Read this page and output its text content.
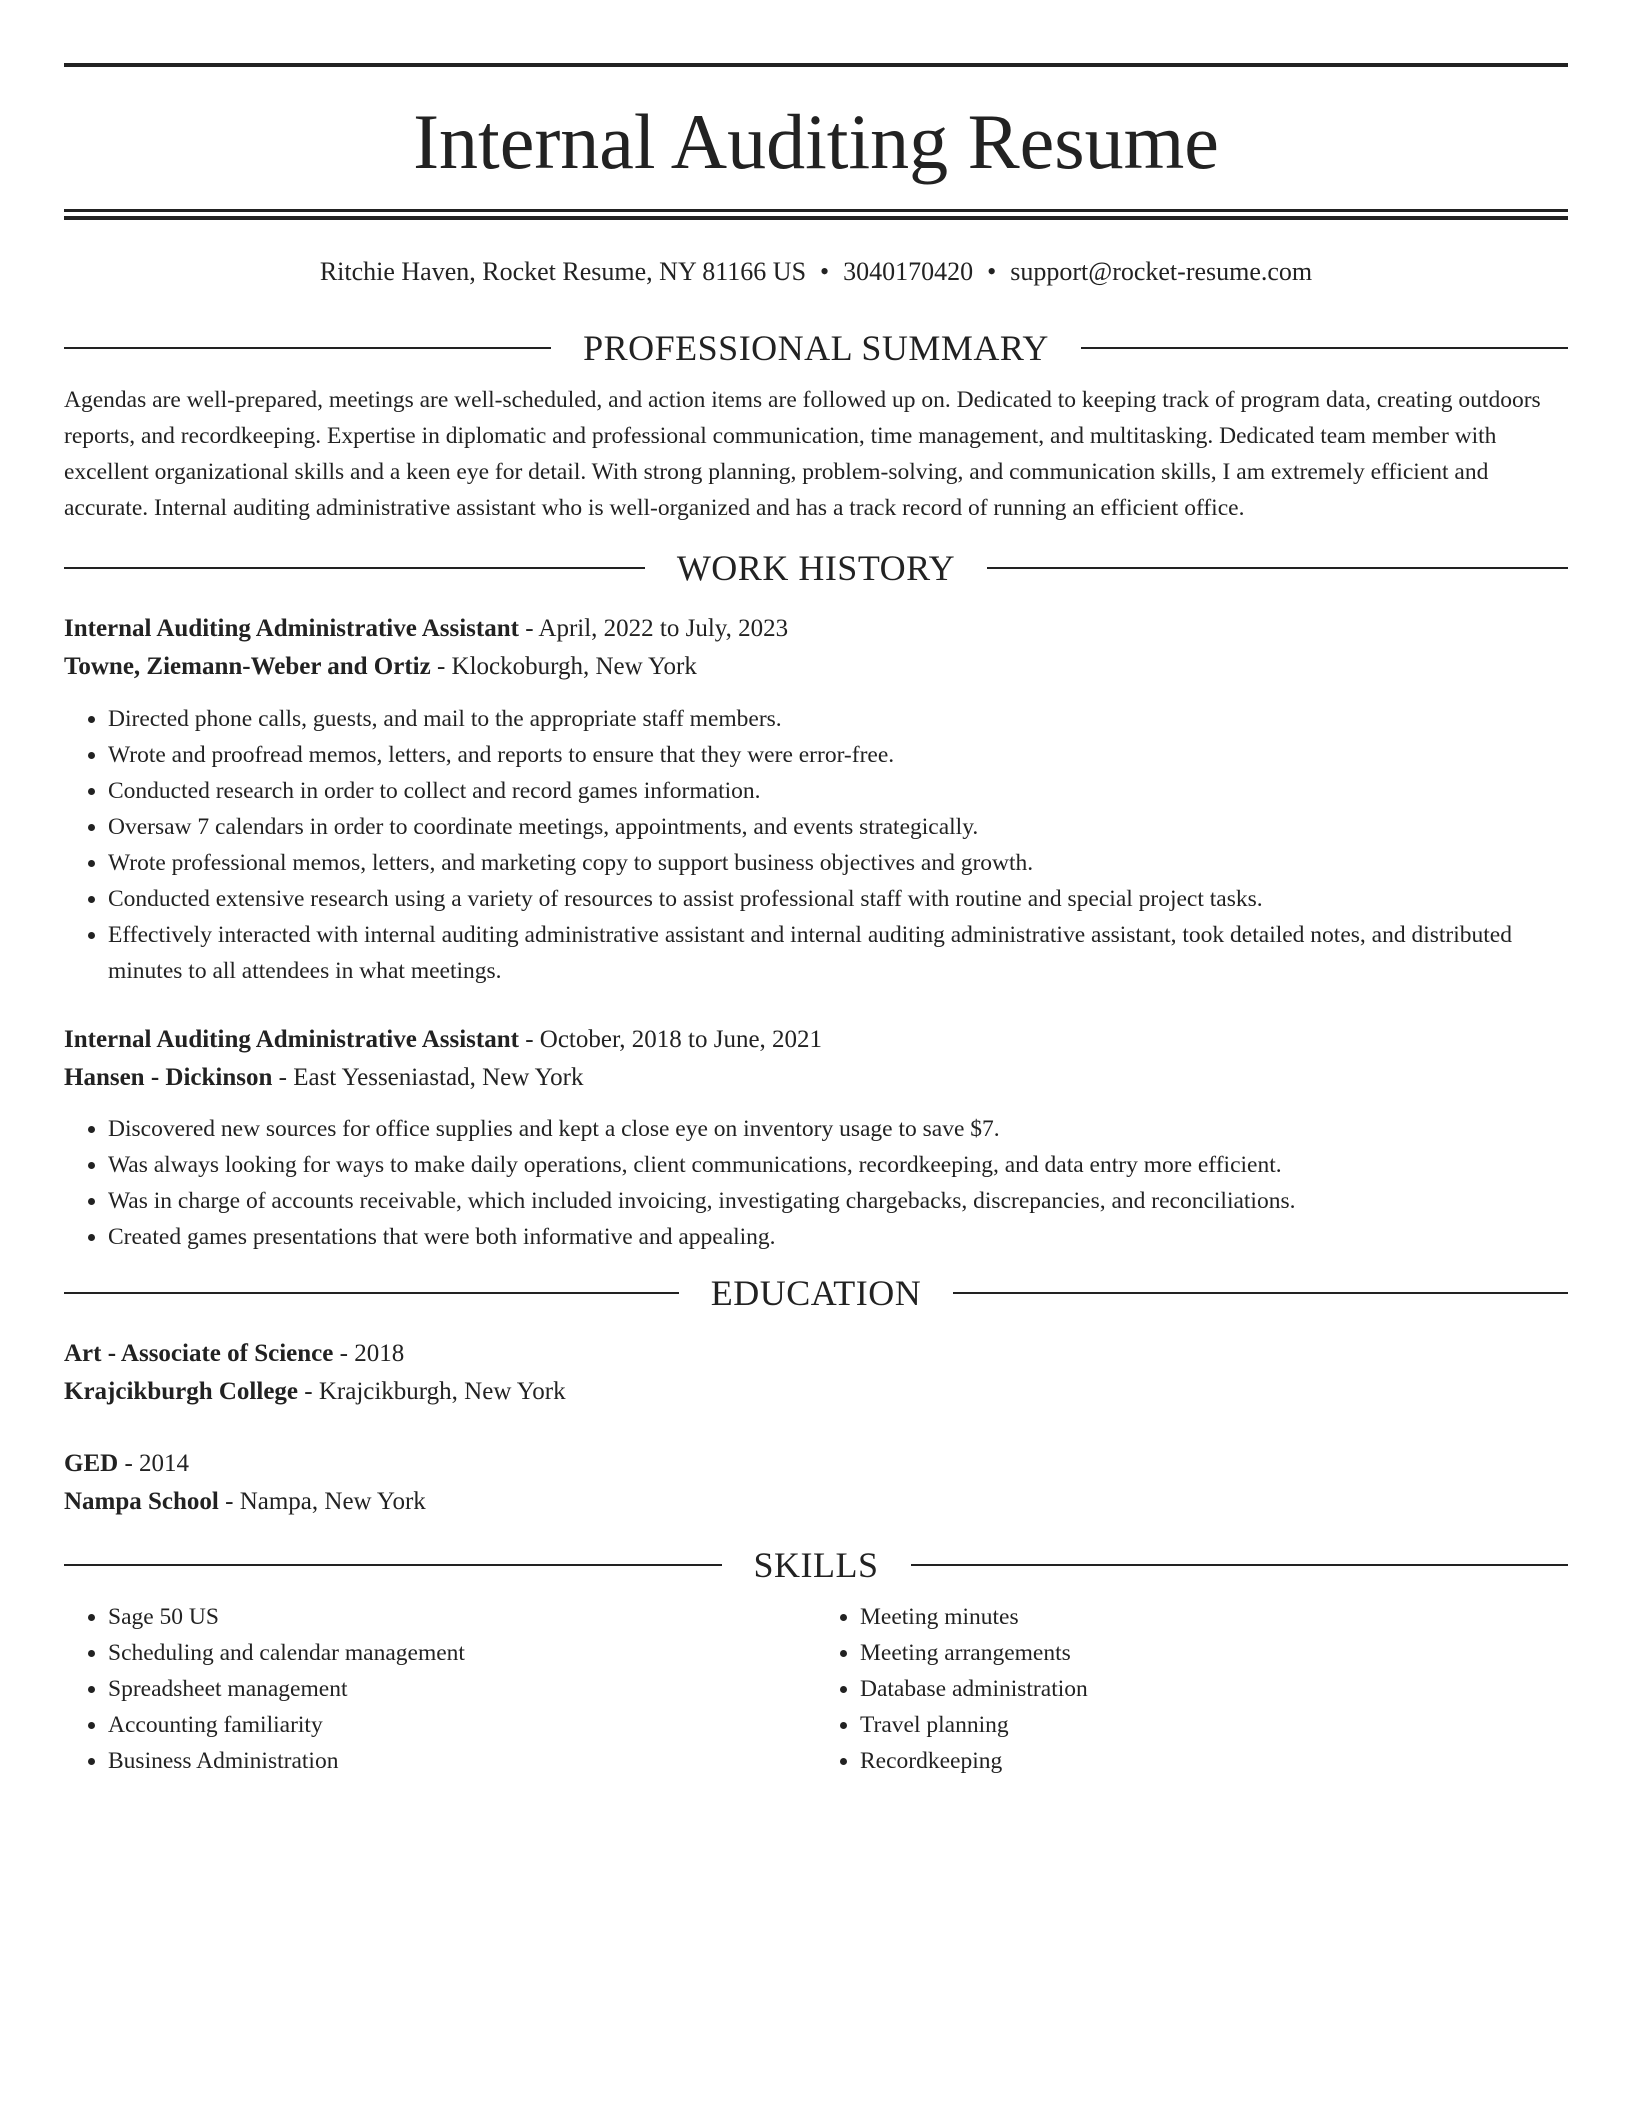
Internal Auditing Resume
Ritchie Haven, Rocket Resume, NY 81166 US • 3040170420 • support@rocket-resume.com
PROFESSIONAL SUMMARY

Agendas are well-prepared, meetings are well-scheduled, and action items are followed up on. Dedicated to keeping track of program data, creating outdoors reports, and recordkeeping. Expertise in diplomatic and professional communication, time management, and multitasking. Dedicated team member with excellent organizational skills and a keen eye for detail. With strong planning, problem-solving, and communication skills, I am extremely efficient and accurate. Internal auditing administrative assistant who is well-organized and has a track record of running an efficient office.

WORK HISTORY

Internal Auditing Administrative Assistant - April, 2022 to July, 2023

Towne, Ziemann-Weber and Ortiz - Klockoburgh, New York

• Directed phone calls, guests, and mail to the appropriate staff members.
• Wrote and proofread memos, letters, and reports to ensure that they were error-free.
• Conducted research in order to collect and record games information.
• Oversaw 7 calendars in order to coordinate meetings, appointments, and events strategically.
• Wrote professional memos, letters, and marketing copy to support business objectives and growth.
• Conducted extensive research using a variety of resources to assist professional staff with routine and special project tasks.
• Effectively interacted with internal auditing administrative assistant and internal auditing administrative assistant, took detailed notes, and distributed minutes to all attendees in what meetings.

Internal Auditing Administrative Assistant - October, 2018 to June, 2021

Hansen - Dickinson - East Yesseniastad, New York

• Discovered new sources for office supplies and kept a close eye on inventory usage to save $7.
• Was always looking for ways to make daily operations, client communications, recordkeeping, and data entry more efficient.
• Was in charge of accounts receivable, which included invoicing, investigating chargebacks, discrepancies, and reconciliations.
• Created games presentations that were both informative and appealing.
EDUCATION

Art - Associate of Science - 2018

Krajcikburgh College - Krajcikburgh, New York

GED - 2014

Nampa School - Nampa, New York

SKILLS
• Sage 50 US
• Scheduling and calendar management
• Spreadsheet management
• Accounting familiarity
• Business Administration
• Meeting minutes
• Meeting arrangements
• Database administration
• Travel planning
• Recordkeeping
